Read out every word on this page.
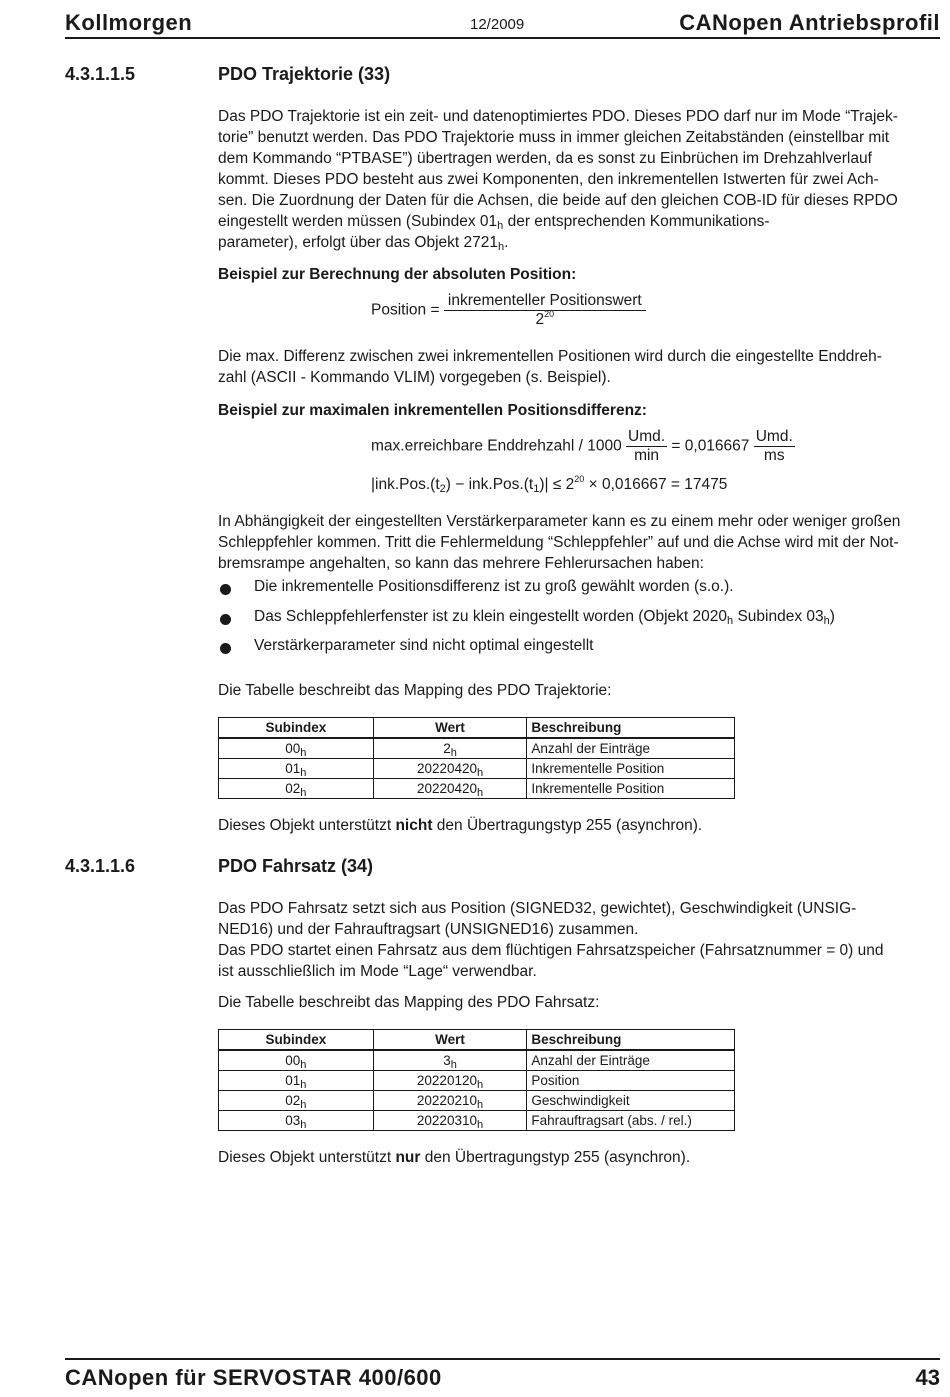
Kollmorgen	12/2009	CANopen Antriebsprofil
4.3.1.1.5	PDO Trajektorie (33)
Das PDO Trajektorie ist ein zeit- und datenoptimiertes PDO. Dieses PDO darf nur im Mode “Trajek-
torie” benutzt werden. Das PDO Trajektorie muss in immer gleichen Zeitabständen (einstellbar mit
dem Kommando “PTBASE”) übertragen werden, da es sonst zu Einbrüchen im Drehzahlverlauf
kommt. Dieses PDO besteht aus zwei Komponenten, den inkrementellen Istwerten für zwei Ach-
sen. Die Zuordnung der Daten für die Achsen, die beide auf den gleichen COB-ID für dieses RPDO
eingestellt werden müssen (Subindex $01_h$ der entsprechenden Kommunikations-
parameter), erfolgt über das Objekt $2721_h$.
Beispiel zur Berechnung der absoluten Position:
Position = $\frac{\text{inkrementeller Positionswert}}{2^{20}}$
Die max. Differenz zwischen zwei inkrementellen Positionen wird durch die eingestellte Enddreh-
zahl (ASCII - Kommando VLIM) vorgegeben (s. Beispiel).
Beispiel zur maximalen inkrementellen Positionsdifferenz:
max.erreichbare Enddrehzahl / $1000 \frac{\text{Umd.}}{\min} = 0,016667 \frac{\text{Umd.}}{ms}$
$|ink.Pos.(t_2) - ink.Pos.(t_1)| \le 2^{20} \times 0,016667 = 17475$
In Abhängigkeit der eingestellten Verstärkerparameter kann es zu einem mehr oder weniger großen
Schleppfehler kommen. Tritt die Fehlermeldung “Schleppfehler” auf und die Achse wird mit der Not-
bremsrampe angehalten, so kann das mehrere Fehlerursachen haben:
Die inkrementelle Positionsdifferenz ist zu groß gewählt worden (s.o.).
Das Schleppfehlerfenster ist zu klein eingestellt worden (Objekt $2020_h$ Subindex $03_h$)
Verstärkerparameter sind nicht optimal eingestellt
Die Tabelle beschreibt das Mapping des PDO Trajektorie:
Subindex	Wert	Beschreibung
$00_h$	$2_h$	Anzahl der Einträge
$01_h$	$20220420_h$	Inkrementelle Position
$02_h$	$20220420_h$	Inkrementelle Position
Dieses Objekt unterstützt nicht den Übertragungstyp 255 (asynchron).
4.3.1.1.6	PDO Fahrsatz (34)
Das PDO Fahrsatz setzt sich aus Position (SIGNED32, gewichtet), Geschwindigkeit (UNSIG-
NED16) und der Fahrauftragsart (UNSIGNED16) zusammen.
Das PDO startet einen Fahrsatz aus dem flüchtigen Fahrsatzspeicher (Fahrsatznummer = 0) und
ist ausschließlich im Mode “Lage“ verwendbar.
Die Tabelle beschreibt das Mapping des PDO Fahrsatz:
Subindex	Wert	Beschreibung
$00_h$	$3_h$	Anzahl der Einträge
$01_h$	$20220120_h$	Position
$02_h$	$20220210_h$	Geschwindigkeit
$03_h$	$20220310_h$	Fahrauftragsart (abs. / rel.)
Dieses Objekt unterstützt nur den Übertragungstyp 255 (asynchron).
CANopen für SERVOSTAR 400/600	43
